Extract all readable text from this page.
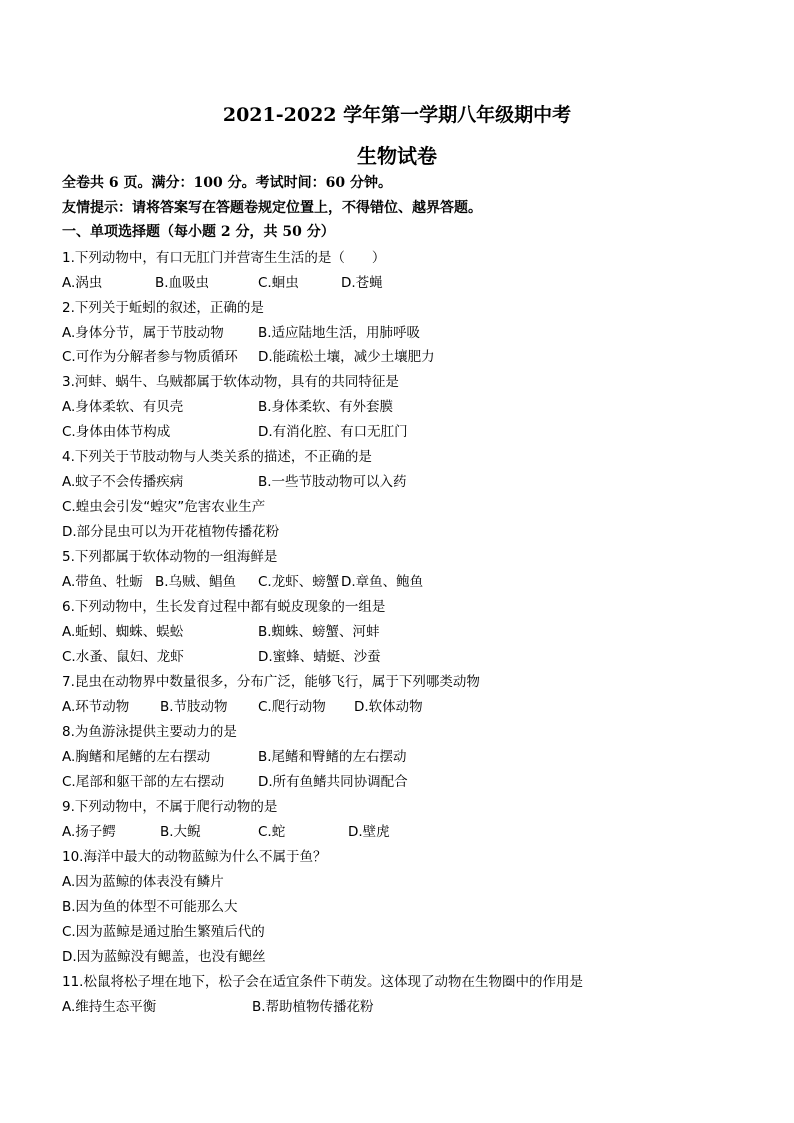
2021-2022 学年第一学期八年级期中考
生物试卷
全卷共 6 页。满分：100 分。考试时间：60 分钟。
友情提示：请将答案写在答题卷规定位置上，不得错位、越界答题。
一、单项选择题（每小题 2 分，共 50 分）
1.下列动物中，有口无肛门并营寄生生活的是（　　）
A.涡虫	B.血吸虫	C.蛔虫	D.苍蝇
2.下列关于蚯蚓的叙述，正确的是
A.身体分节，属于节肢动物	B.适应陆地生活，用肺呼吸
C.可作为分解者参与物质循环 D.能疏松土壤，减少土壤肥力
3.河蚌、蜗牛、乌贼都属于软体动物，具有的共同特征是
A.身体柔软、有贝壳	B.身体柔软、有外套膜
C.身体由体节构成	D.有消化腔、有口无肛门
4.下列关于节肢动物与人类关系的描述，不正确的是
A.蚊子不会传播疾病	B.一些节肢动物可以入药
C.蝗虫会引发“蝗灾”危害农业生产
D.部分昆虫可以为开花植物传播花粉
5.下列都属于软体动物的一组海鲜是
A.带鱼、牡蛎 B.乌贼、鲳鱼 C.龙虾、螃蟹 D.章鱼、鲍鱼
6.下列动物中，生长发育过程中都有蜕皮现象的一组是
A.蚯蚓、蜘蛛、蜈蚣	B.蜘蛛、螃蟹、河蚌
C.水蚤、鼠妇、龙虾	D.蜜蜂、蜻蜓、沙蚕
7.昆虫在动物界中数量很多，分布广泛，能够飞行，属于下列哪类动物
A.环节动物 B.节肢动物 C.爬行动物 D.软体动物
8.为鱼游泳提供主要动力的是
A.胸鳍和尾鳍的左右摆动	B.尾鳍和臀鳍的左右摆动
C.尾部和躯干部的左右摆动	D.所有鱼鳍共同协调配合
9.下列动物中，不属于爬行动物的是
A.扬子鳄	B.大鲵	C.蛇	D.壁虎
10.海洋中最大的动物蓝鲸为什么不属于鱼？
A.因为蓝鲸的体表没有鳞片
B.因为鱼的体型不可能那么大
C.因为蓝鲸是通过胎生繁殖后代的
D.因为蓝鲸没有鳃盖，也没有鳃丝
11.松鼠将松子埋在地下，松子会在适宜条件下萌发。这体现了动物在生物圈中的作用是
A.维持生态平衡	B.帮助植物传播花粉
